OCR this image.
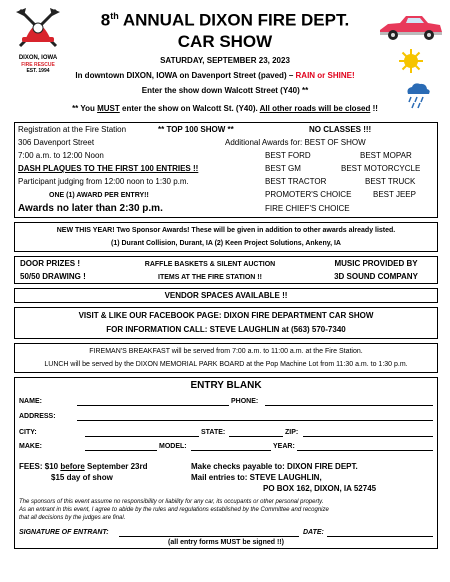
DIXON, IOWA
FIRE RESCUE
EST. 1994
8th ANNUAL DIXON FIRE DEPT.
CAR SHOW
SATURDAY, SEPTEMBER 23, 2023
In downtown DIXON, IOWA on Davenport Street (paved) – RAIN or SHINE!
Enter the show down Walcott Street (Y40) **
** You MUST enter the show on Walcott St. (Y40). All other roads will be closed !!
Registration at the Fire Station	** TOP 100 SHOW **	NO CLASSES !!!
306 Davenport Street	Additional Awards for: BEST OF SHOW
7:00 a.m. to 12:00 Noon	BEST FORD	BEST MOPAR
DASH PLAQUES TO THE FIRST 100 ENTRIES !!	BEST GM	BEST MOTORCYCLE
Participant judging from 12:00 noon to 1:30 p.m.	BEST TRACTOR	BEST TRUCK
ONE (1) AWARD PER ENTRY!!	PROMOTER'S CHOICE	BEST JEEP
Awards no later than 2:30 p.m.	FIRE CHIEF'S CHOICE
NEW THIS YEAR! Two Sponsor Awards! These will be given in addition to other awards already listed.
(1) Durant Collision, Durant, IA (2) Keen Project Solutions, Ankeny, IA
DOOR PRIZES !
50/50 DRAWING !
RAFFLE BASKETS & SILENT AUCTION
ITEMS AT THE FIRE STATION !!
MUSIC PROVIDED BY
3D SOUND COMPANY
VENDOR SPACES AVAILABLE !!
VISIT & LIKE OUR FACEBOOK PAGE: DIXON FIRE DEPARTMENT CAR SHOW
FOR INFORMATION CALL: STEVE LAUGHLIN at (563) 570-7340
FIREMAN'S BREAKFAST will be served from 7:00 a.m. to 11:00 a.m. at the Fire Station.
LUNCH will be served by the DIXON MEMORIAL PARK BOARD at the Pop Machine Lot from 11:30 a.m. to 1:30 p.m.
ENTRY BLANK
NAME:	PHONE:
ADDRESS:
CITY:	STATE:	ZIP:
MAKE:	MODEL:	YEAR:
FEES: $10 before September 23rd
$15 day of show
Make checks payable to: DIXON FIRE DEPT.
Mail entries to: STEVE LAUGHLIN,
PO BOX 162, DIXON, IA 52745
The sponsors of this event assume no responsibility or liability for any car, its occupants or other personal property.
As an entrant in this event, I agree to abide by the rules and regulations established by the Committee and recognize
that all decisions by the judges are final.
SIGNATURE OF ENTRANT:	DATE:
(all entry forms MUST be signed !!)
